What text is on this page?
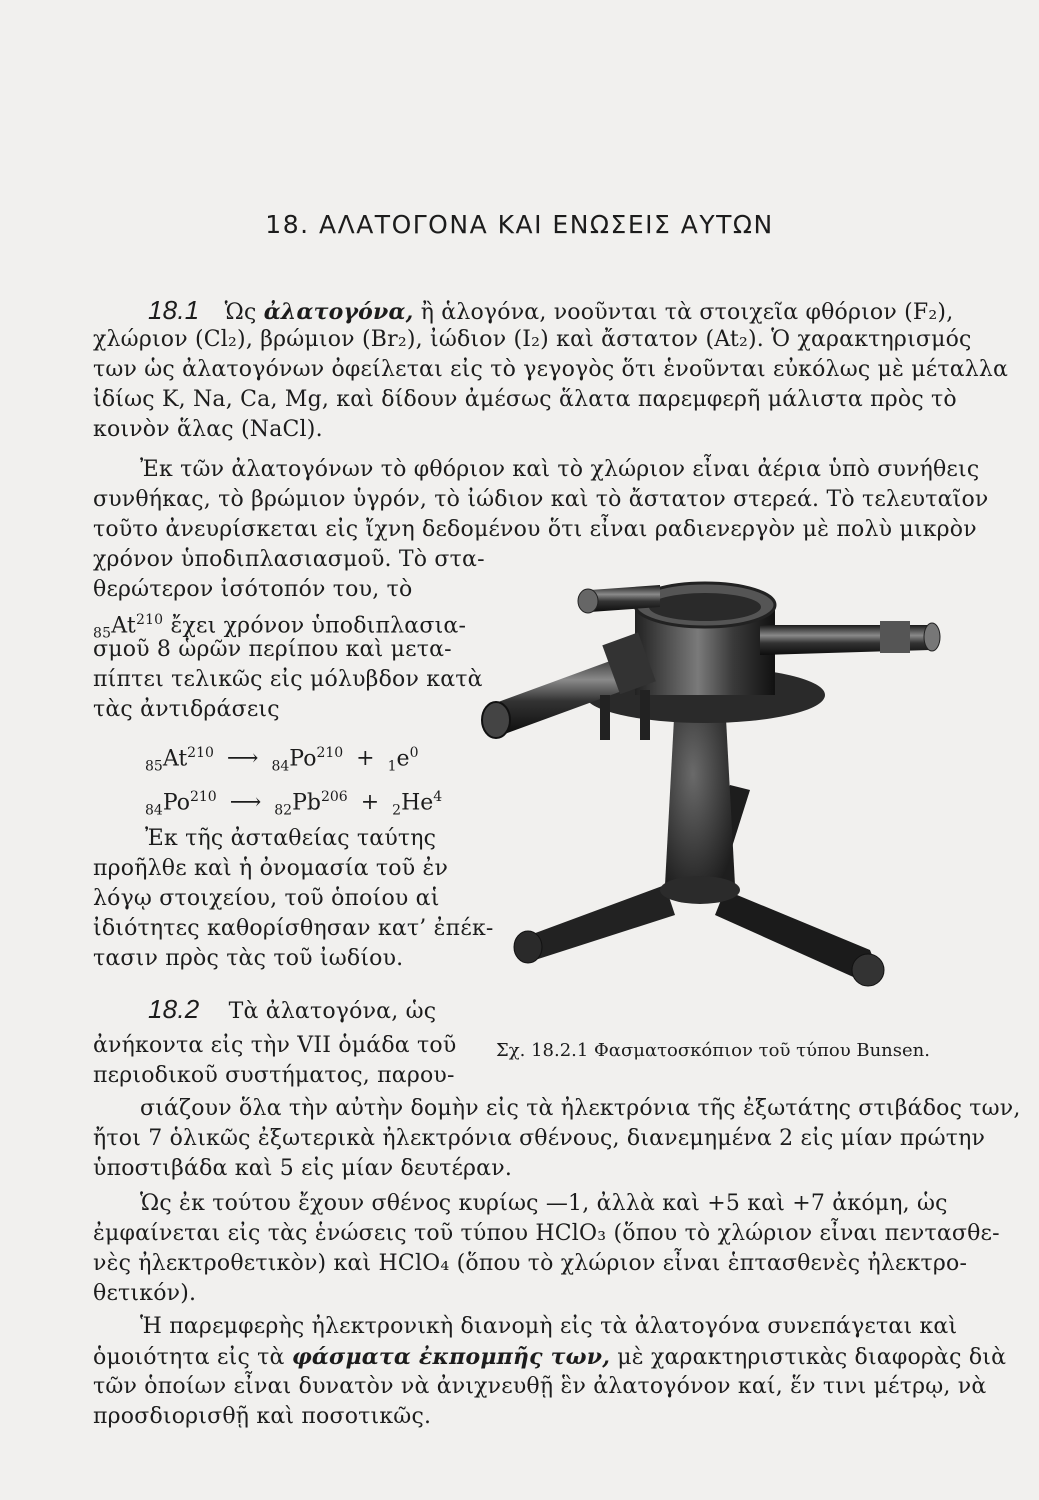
18. ΑΛΑΤΟΓΟΝΑ ΚΑΙ ΕΝΩΣΕΙΣ ΑΥΤΩΝ
18.1 Ὡς ἀλατογόνα, ἢ ἁλογόνα, νοοῦνται τὰ στοιχεῖα φθόριον (F₂),
χλώριον (Cl₂), βρώμιον (Br₂), ἰώδιον (I₂) καὶ ἄστατον (At₂). Ὁ χαρακτηρισμός
των ὡς ἀλατογόνων ὀφείλεται εἰς τὸ γεγογὸς ὅτι ἑνοῦνται εὐκόλως μὲ μέταλλα
ἰδίως K, Na, Ca, Mg, καὶ δίδουν ἀμέσως ἅλατα παρεμφερῆ μάλιστα πρὸς τὸ
κοινὸν ἅλας (NaCl).
Ἐκ τῶν ἀλατογόνων τὸ φθόριον καὶ τὸ χλώριον εἶναι ἀέρια ὑπὸ συνήθεις
συνθήκας, τὸ βρώμιον ὑγρόν, τὸ ἰώδιον καὶ τὸ ἄστατον στερεά. Τὸ τελευταῖον
τοῦτο ἀνευρίσκεται εἰς ἴχνη δεδομένου ὅτι εἶναι ραδιενεργὸν μὲ πολὺ μικρὸν
χρόνον ὑποδιπλασιασμοῦ. Τὸ στα-
θερώτερον ἰσότοπόν του, τὸ
$_{85}At^{210}$ ἔχει χρόνον ὑποδιπλασια-
σμοῦ 8 ὡρῶν περίπου καὶ μετα-
πίπτει τελικῶς εἰς μόλυβδον κατὰ
τὰς ἀντιδράσεις
$_{85}At^{210}$ ⟶ $_{84}Po^{210} + _1e^0$
$_{84}Po^{210}$ ⟶ $_{82}Pb^{206} + _2He^4$
Ἐκ τῆς ἀσταθείας ταύτης
προῆλθε καὶ ἡ ὀνομασία τοῦ ἐν
λόγῳ στοιχείου, τοῦ ὁποίου αἱ
ἰδιότητες καθορίσθησαν κατ’ ἐπέκ-
τασιν πρὸς τὰς τοῦ ἰωδίου.
18.2 Τὰ ἀλατογόνα, ὡς
ἀνήκοντα εἰς τὴν VII ὁμάδα τοῦ
περιοδικοῦ συστήματος, παρου-
σιάζουν ὅλα τὴν αὐτὴν δομὴν εἰς τὰ ἠλεκτρόνια τῆς ἐξωτάτης στιβάδος των,
ἤτοι 7 ὁλικῶς ἐξωτερικὰ ἠλεκτρόνια σθένους, διανεμημένα 2 εἰς μίαν πρώτην
ὑποστιβάδα καὶ 5 εἰς μίαν δευτέραν.
Ὡς ἐκ τούτου ἔχουν σθένος κυρίως —1, ἀλλὰ καὶ +5 καὶ +7 ἀκόμη, ὡς
ἐμφαίνεται εἰς τὰς ἑνώσεις τοῦ τύπου HClO₃ (ὅπου τὸ χλώριον εἶναι πεντασθε-
νὲς ἠλεκτροθετικὸν) καὶ HClO₄ (ὅπου τὸ χλώριον εἶναι ἑπτασθενὲς ἠλεκτρο-
θετικόν).
Ἡ παρεμφερὴς ἠλεκτρονικὴ διανομὴ εἰς τὰ ἀλατογόνα συνεπάγεται καὶ
ὁμοιότητα εἰς τὰ φάσματα ἐκπομπῆς των, μὲ χαρακτηριστικὰς διαφορὰς διὰ
τῶν ὁποίων εἶναι δυνατὸν νὰ ἀνιχνευθῇ ἓν ἀλατογόνον καί, ἕν τινι μέτρῳ, νὰ
προσδιορισθῇ καὶ ποσοτικῶς.
Σχ. 18.2.1 Φασματοσκόπιον τοῦ τύπου Bunsen.
